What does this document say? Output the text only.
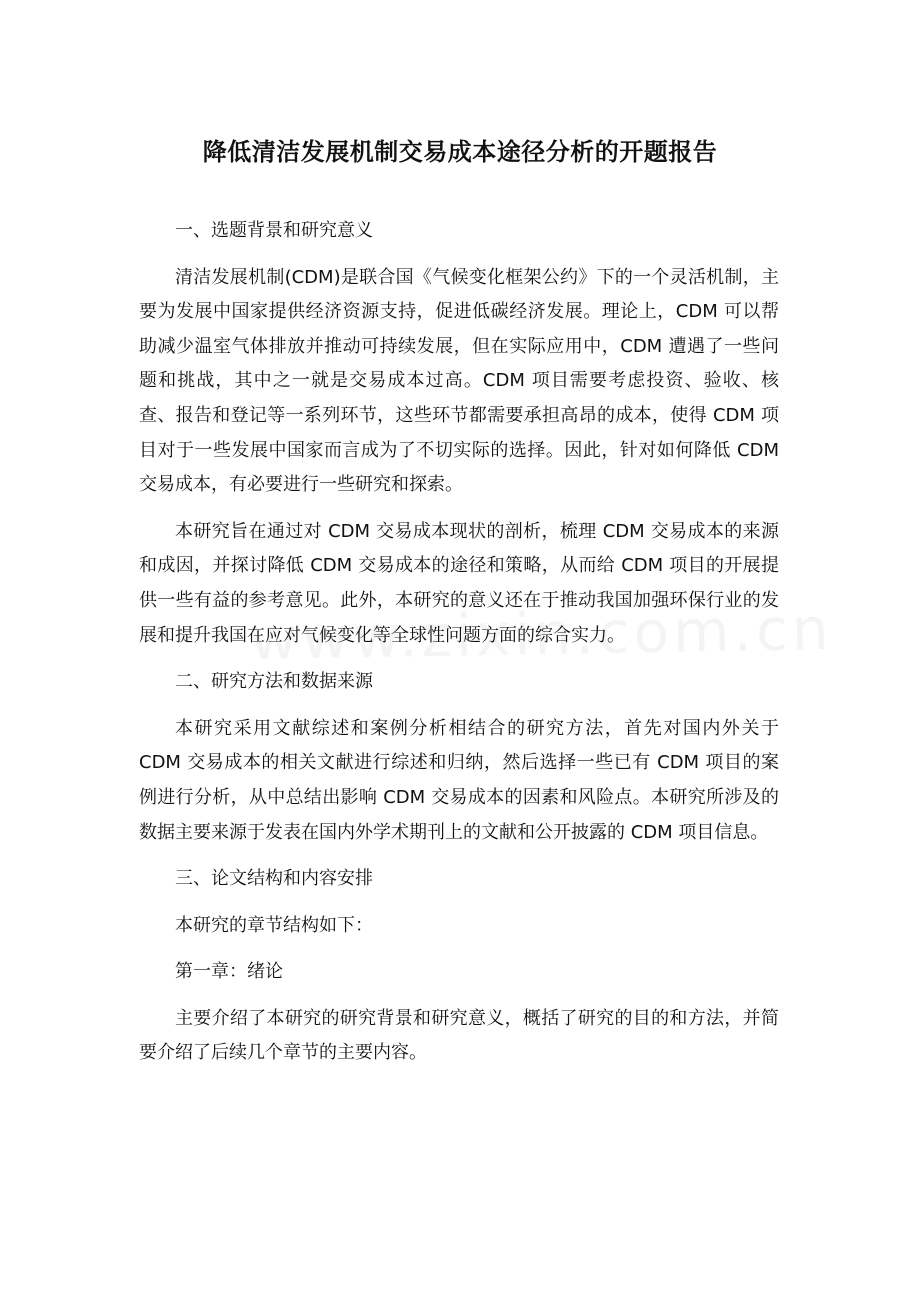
降低清洁发展机制交易成本途径分析的开题报告

一、选题背景和研究意义

清洁发展机制(CDM)是联合国《气候变化框架公约》下的一个灵活机制，主要为发展中国家提供经济资源支持，促进低碳经济发展。理论上，CDM 可以帮助减少温室气体排放并推动可持续发展，但在实际应用中，CDM 遭遇了一些问题和挑战，其中之一就是交易成本过高。CDM 项目需要考虑投资、验收、核查、报告和登记等一系列环节，这些环节都需要承担高昂的成本，使得 CDM 项目对于一些发展中国家而言成为了不切实际的选择。因此，针对如何降低 CDM 交易成本，有必要进行一些研究和探索。

本研究旨在通过对 CDM 交易成本现状的剖析，梳理 CDM 交易成本的来源和成因，并探讨降低 CDM 交易成本的途径和策略，从而给 CDM 项目的开展提供一些有益的参考意见。此外，本研究的意义还在于推动我国加强环保行业的发展和提升我国在应对气候变化等全球性问题方面的综合实力。

二、研究方法和数据来源

本研究采用文献综述和案例分析相结合的研究方法，首先对国内外关于 CDM 交易成本的相关文献进行综述和归纳，然后选择一些已有 CDM 项目的案例进行分析，从中总结出影响 CDM 交易成本的因素和风险点。本研究所涉及的数据主要来源于发表在国内外学术期刊上的文献和公开披露的 CDM 项目信息。

三、论文结构和内容安排

本研究的章节结构如下：

第一章：绪论

主要介绍了本研究的研究背景和研究意义，概括了研究的目的和方法，并简要介绍了后续几个章节的主要内容。
